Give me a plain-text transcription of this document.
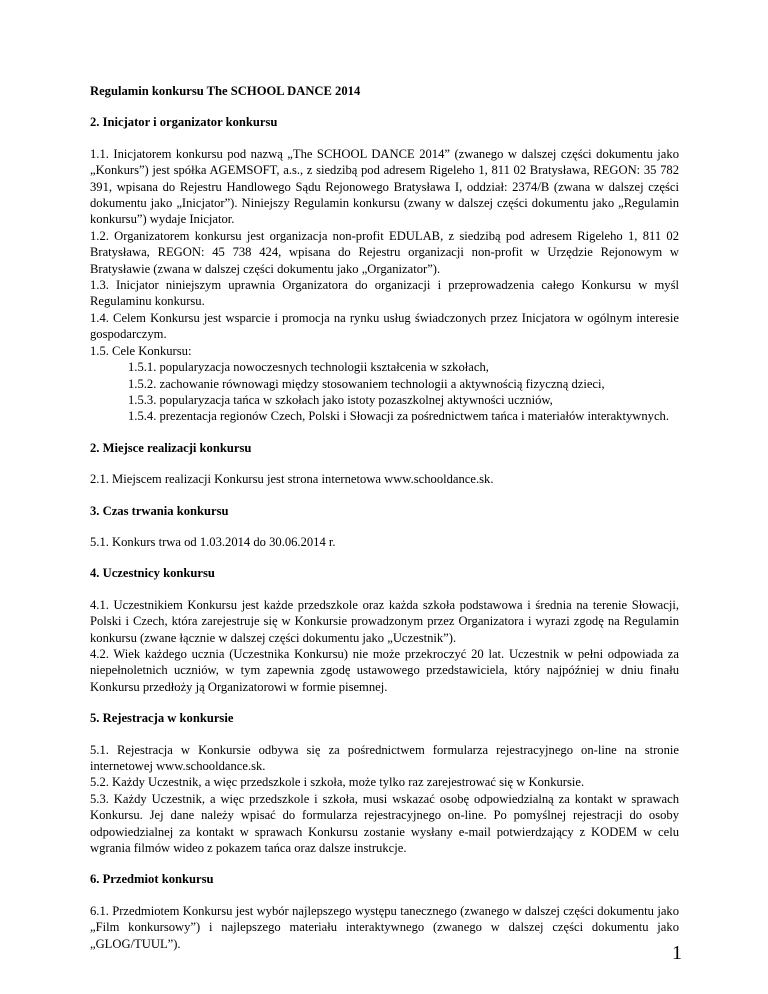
Regulamin konkursu The SCHOOL DANCE 2014
2. Inicjator i organizator konkursu

1.1. Inicjatorem konkursu pod nazwą „The SCHOOL DANCE 2014” (zwanego w dalszej części dokumentu jako „Konkurs”) jest spółka AGEMSOFT, a.s., z siedzibą pod adresem Rigeleho 1, 811 02 Bratysława, REGON: 35 782 391, wpisana do Rejestru Handlowego Sądu Rejonowego Bratysława I, oddział: 2374/B (zwana w dalszej części dokumentu jako „Inicjator”). Niniejszy Regulamin konkursu (zwany w dalszej części dokumentu jako „Regulamin konkursu”) wydaje Inicjator.

1.2. Organizatorem konkursu jest organizacja non-profit EDULAB, z siedzibą pod adresem Rigeleho 1, 811 02 Bratysława, REGON: 45 738 424, wpisana do Rejestru organizacji non-profit w Urzędzie Rejonowym w Bratysławie (zwana w dalszej części dokumentu jako „Organizator”).

1.3. Inicjator niniejszym uprawnia Organizatora do organizacji i przeprowadzenia całego Konkursu w myśl Regulaminu konkursu.

1.4. Celem Konkursu jest wsparcie i promocja na rynku usług świadczonych przez Inicjatora w ogólnym interesie gospodarczym.

1.5. Cele Konkursu:

1.5.1. popularyzacja nowoczesnych technologii kształcenia w szkołach,

1.5.2. zachowanie równowagi między stosowaniem technologii a aktywnością fizyczną dzieci,

1.5.3. popularyzacja tańca w szkołach jako istoty pozaszkolnej aktywności uczniów,

1.5.4. prezentacja regionów Czech, Polski i Słowacji za pośrednictwem tańca i materiałów interaktywnych.

2. Miejsce realizacji konkursu

2.1. Miejscem realizacji Konkursu jest strona internetowa www.schooldance.sk.

3. Czas trwania konkursu

5.1. Konkurs trwa od 1.03.2014 do 30.06.2014 r.

4. Uczestnicy konkursu

4.1. Uczestnikiem Konkursu jest każde przedszkole oraz każda szkoła podstawowa i średnia na terenie Słowacji, Polski i Czech, która zarejestruje się w Konkursie prowadzonym przez Organizatora i wyrazi zgodę na Regulamin konkursu (zwane łącznie w dalszej części dokumentu jako „Uczestnik”).

4.2. Wiek każdego ucznia (Uczestnika Konkursu) nie może przekroczyć 20 lat. Uczestnik w pełni odpowiada za niepełnoletnich uczniów, w tym zapewnia zgodę ustawowego przedstawiciela, który najpóźniej w dniu finału Konkursu przedłoży ją Organizatorowi w formie pisemnej.

5. Rejestracja w konkursie

5.1. Rejestracja w Konkursie odbywa się za pośrednictwem formularza rejestracyjnego on-line na stronie internetowej www.schooldance.sk.

5.2. Każdy Uczestnik, a więc przedszkole i szkoła, może tylko raz zarejestrować się w Konkursie.

5.3. Każdy Uczestnik, a więc przedszkole i szkoła, musi wskazać osobę odpowiedzialną za kontakt w sprawach Konkursu. Jej dane należy wpisać do formularza rejestracyjnego on-line. Po pomyślnej rejestracji do osoby odpowiedzialnej za kontakt w sprawach Konkursu zostanie wysłany e-mail potwierdzający z KODEM w celu wgrania filmów wideo z pokazem tańca oraz dalsze instrukcje.

6. Przedmiot konkursu

6.1. Przedmiotem Konkursu jest wybór najlepszego występu tanecznego (zwanego w dalszej części dokumentu jako „Film konkursowy”) i najlepszego materiału interaktywnego (zwanego w dalszej części dokumentu jako „GLOG/TUUL”).	1
